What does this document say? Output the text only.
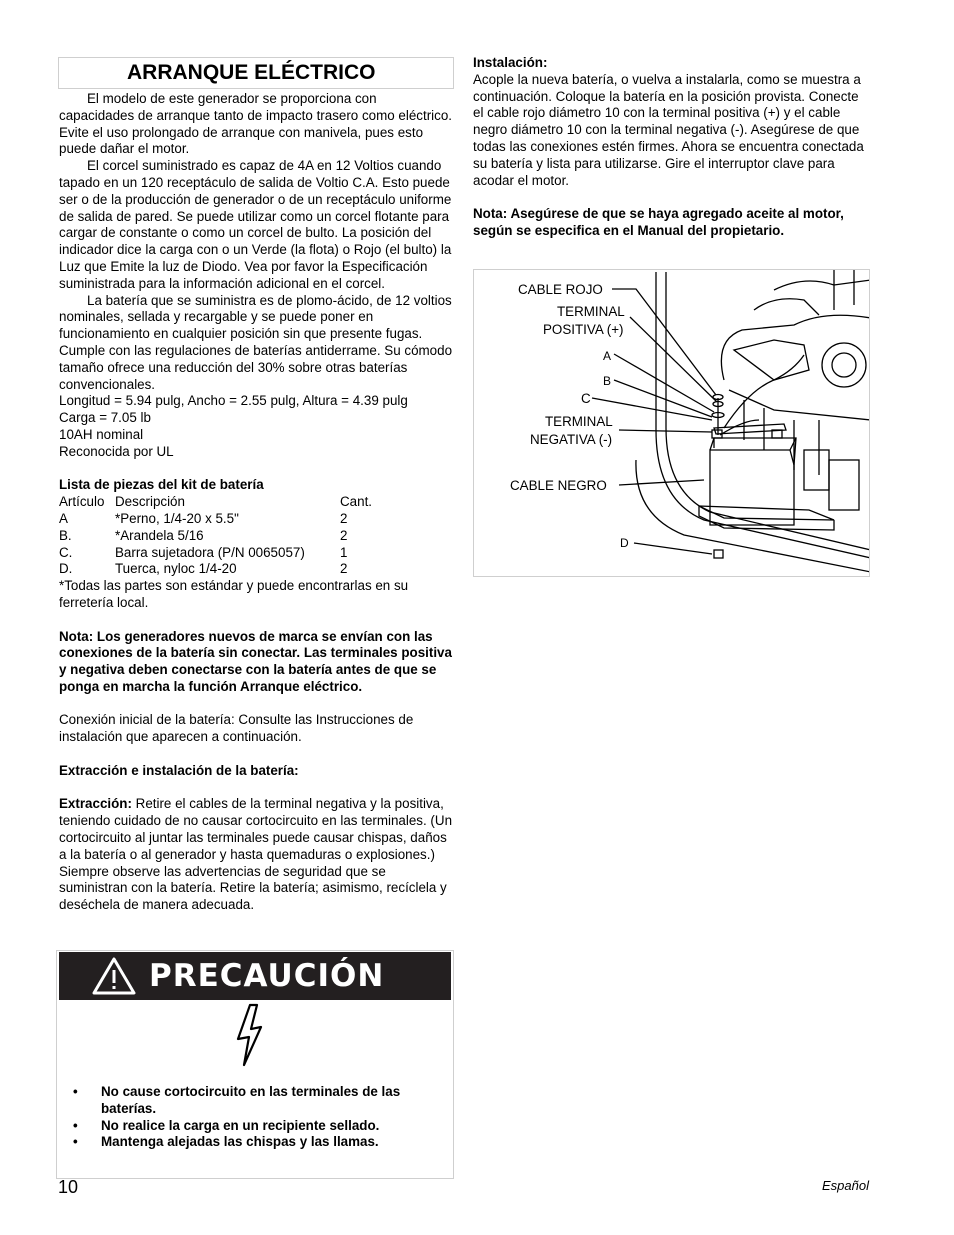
ARRANQUE ELÉCTRICO

El modelo de este generador se proporciona con capacidades de arranque tanto de impacto trasero como eléctrico. Evite el uso prolongado de arranque con manivela, pues esto puede dañar el motor.

El corcel suministrado es capaz de 4A en 12 Voltios cuando tapado en un 120 receptáculo de salida de Voltio C.A. Esto puede ser o de la producción de generador o de un receptáculo uniforme de salida de pared. Se puede utilizar como un corcel flotante para cargar de constante o como un corcel de bulto. La posición del indicador dice la carga con o un Verde (la flota) o Rojo (el bulto) la Luz que Emite la luz de Diodo. Vea por favor la Especificación suministrada para la información adicional en el corcel.

La batería que se suministra es de plomo-ácido, de 12 voltios nominales, sellada y recargable y se puede poner en funcionamiento en cualquier posición sin que presente fugas. Cumple con las regulaciones de baterías antiderrame. Su cómodo tamaño ofrece una reducción del 30% sobre otras baterías convencionales.

Longitud = 5.94 pulg, Ancho = 2.55 pulg, Altura = 4.39 pulg

Carga = 7.05 lb

10AH nominal

Reconocida por UL

Lista de piezas del kit de batería

Artículo Descripción	Cant.
A	*Perno, 1/4-20 x 5.5"	2
B.	*Arandela 5/16	2
C.	Barra sujetadora (P/N 0065057)	1
D.	Tuerca, nyloc 1/4-20	2

*Todas las partes son estándar y puede encontrarlas en su ferretería local.

Nota: Los generadores nuevos de marca se envían con las conexiones de la batería sin conectar. Las terminales positiva y negativa deben conectarse con la batería antes de que se ponga en marcha la función Arranque eléctrico.

Conexión inicial de la batería: Consulte las Instrucciones de instalación que aparecen a continuación.

Extracción e instalación de la batería:

Extracción: Retire el cables de la terminal negativa y la positiva, teniendo cuidado de no causar cortocircuito en las terminales. (Un cortocircuito al juntar las terminales puede causar chispas, daños a la batería o al generador y hasta quemaduras o explosiones.) Siempre observe las advertencias de seguridad que se suministran con la batería. Retire la batería; asimismo, recíclela y deséchela de manera adecuada.

PRECAUCIÓN
•	No cause cortocircuito en las terminales de las baterías.
•	No realice la carga en un recipiente sellado.
•	Mantenga alejadas las chispas y las llamas.

Instalación:

Acople la nueva batería, o vuelva a instalarla, como se muestra a continuación. Coloque la batería en la posición provista. Conecte el cable rojo diámetro 10 con la terminal positiva (+) y el cable negro diámetro 10 con la terminal negativa (-). Asegúrese de que todas las conexiones estén firmes. Ahora se encuentra conectada su batería y lista para utilizarse. Gire el interruptor clave para acodar el motor.

Nota: Asegúrese de que se haya agregado aceite al motor, según se especifica en el Manual del propietario.

CABLE ROJO
TERMINAL
POSITIVA (+)
A
B
C
TERMINAL
NEGATIVA (-)
CABLE NEGRO
D
10	Español
